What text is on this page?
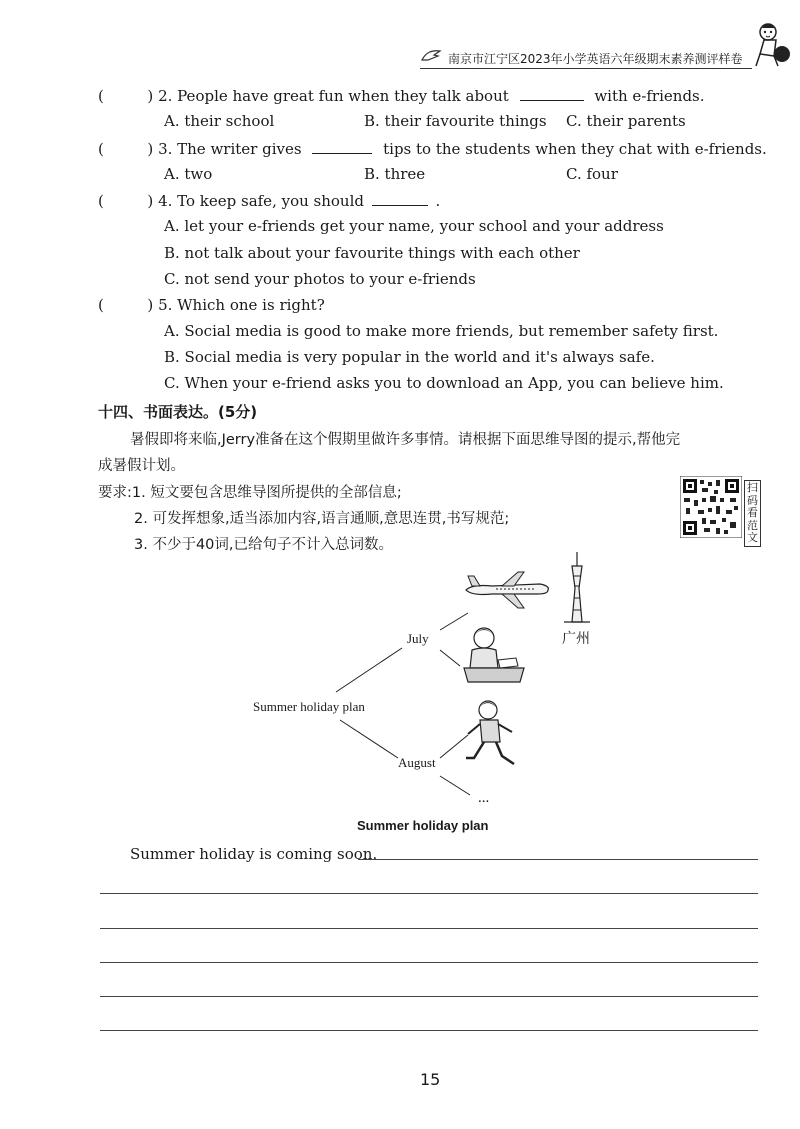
南京市江宁区2023年小学英语六年级期末素养测评样卷
(	) 2. People have great fun when they talk about	with e-friends.
A. their school	B. their favourite things C. their parents
(	) 3. The writer gives	tips to the students when they chat with e-friends.
A. two	B. three	C. four
(	) 4. To keep safe, you should	.
A. let your e-friends get your name, your school and your address
B. not talk about your favourite things with each other
C. not send your photos to your e-friends
(	) 5. Which one is right?
A. Social media is good to make more friends, but remember safety first.
B. Social media is very popular in the world and it's always safe.
C. When your e-friend asks you to download an App, you can believe him.
十四、书面表达。(5分)
暑假即将来临,Jerry准备在这个假期里做许多事情。请根据下面思维导图的提示,帮他完
成暑假计划。
要求:1. 短文要包含思维导图所提供的全部信息;
2. 可发挥想象,适当添加内容,语言通顺,意思连贯,书写规范;
3. 不少于40词,已给句子不计入总词数。
扫码看范文
Summer holiday plan
July
August
...
广州
Summer holiday plan
Summer holiday is coming soon.
15
